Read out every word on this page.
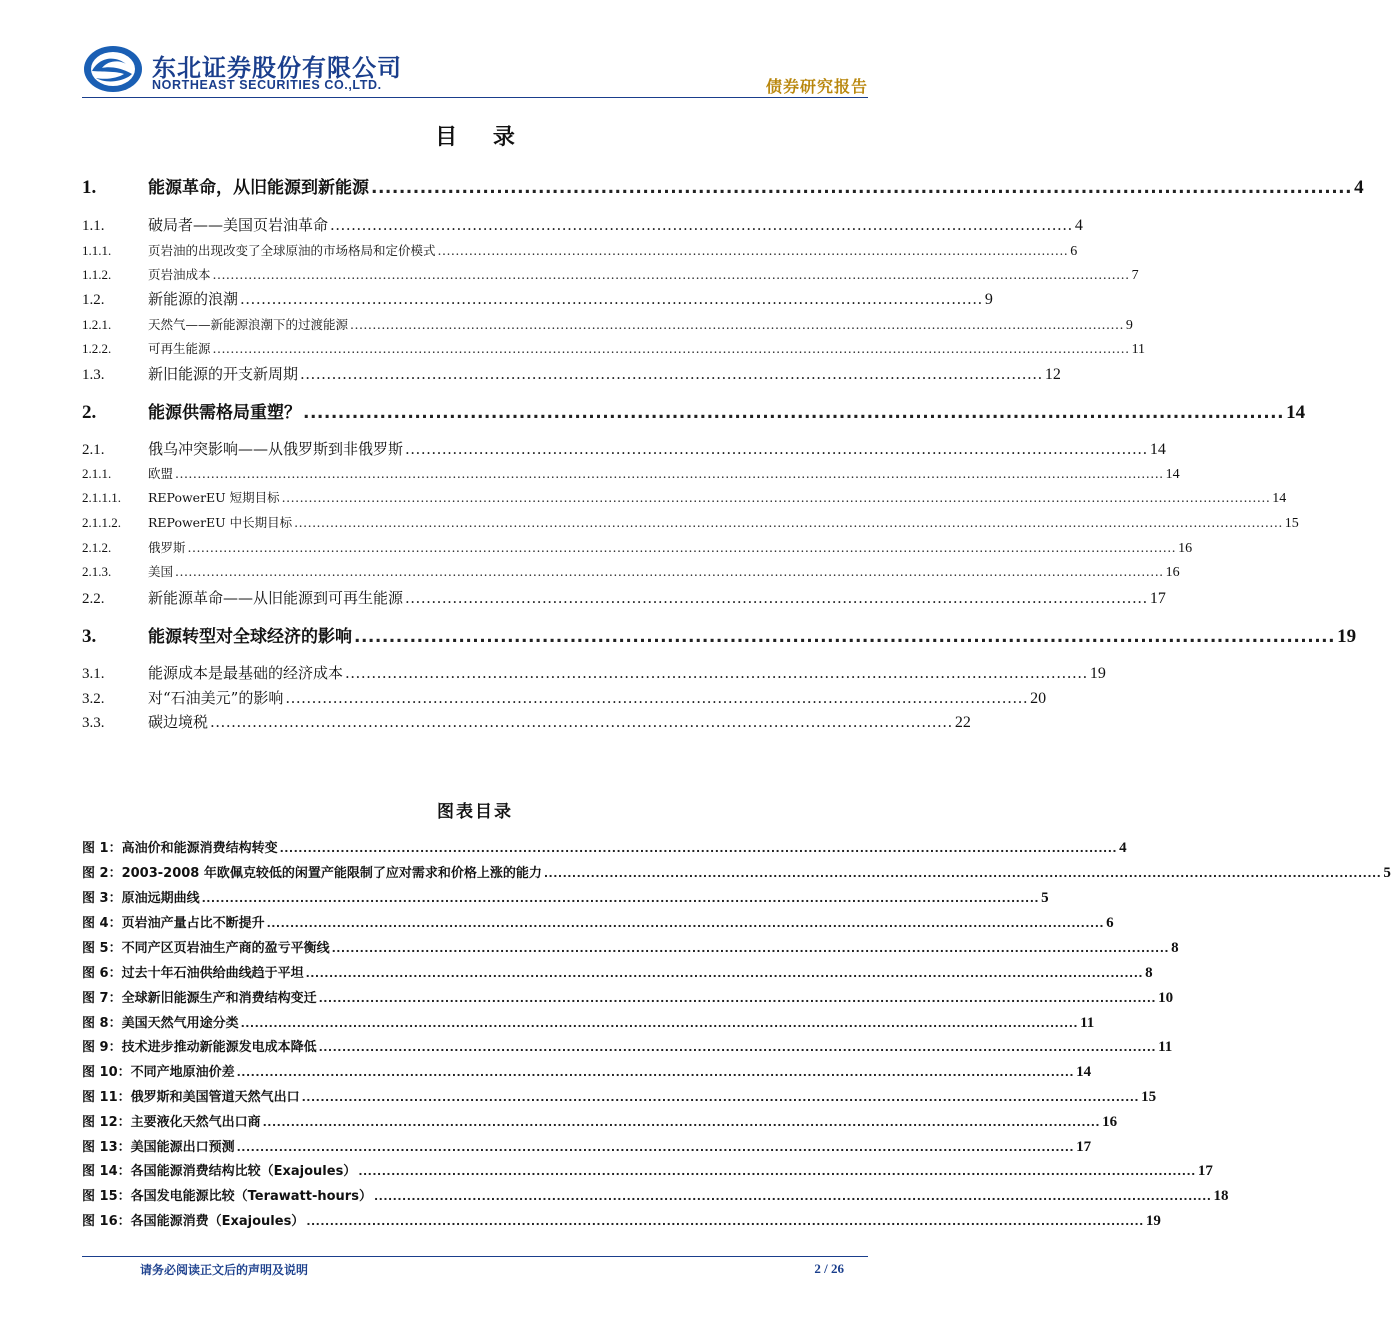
东北证券股份有限公司
NORTHEAST SECURITIES CO.,LTD.	债券研究报告
目 录
1.	能源革命，从旧能源到新能源 ............................................................................................................................................. 4
1.1.	破局者——美国页岩油革命 ............................................................................................................................................. 4
1.1.1.	页岩油的出现改变了全球原油的市场格局和定价模式 ............................................................................................................................................. 6
1.1.2.	页岩油成本 ............................................................................................................................................................................................................. 7
1.2.	新能源的浪潮 ............................................................................................................................................. 9
1.2.1.	天然气——新能源浪潮下的过渡能源 ............................................................................................................................................................................. 9
1.2.2.	可再生能源 ............................................................................................................................................................................................................. 11
1.3.	新旧能源的开支新周期 ............................................................................................................................................. 12
2.	能源供需格局重塑？ ............................................................................................................................................. 14
2.1.	俄乌冲突影响——从俄罗斯到非俄罗斯 ............................................................................................................................................. 14
2.1.1.	欧盟 ............................................................................................................................................................................................................................. 14
2.1.1.1.	REPowerEU 短期目标 ............................................................................................................................................................................................................................. 14
2.1.1.2.	REPowerEU 中长期目标 ............................................................................................................................................................................................................................. 15
2.1.2.	俄罗斯 ............................................................................................................................................................................................................................. 16
2.1.3.	美国 ............................................................................................................................................................................................................................. 16
2.2.	新能源革命——从旧能源到可再生能源 ............................................................................................................................................. 17
3.	能源转型对全球经济的影响 ............................................................................................................................................. 19
3.1.	能源成本是最基础的经济成本 ............................................................................................................................................. 19
3.2.	对“石油美元”的影响 ............................................................................................................................................. 20
3.3.	碳边境税 ............................................................................................................................................. 22
图表目录
图 1：高油价和能源消费结构转变 ................................................................................................................................................................................... 4
图 2：2003-2008 年欧佩克较低的闲置产能限制了应对需求和价格上涨的能力 ................................................................................................................................................................................... 5
图 3：原油远期曲线 ................................................................................................................................................................................... 5
图 4：页岩油产量占比不断提升 ................................................................................................................................................................................... 6
图 5：不同产区页岩油生产商的盈亏平衡线 ................................................................................................................................................................................... 8
图 6：过去十年石油供给曲线趋于平坦 ................................................................................................................................................................................... 8
图 7：全球新旧能源生产和消费结构变迁 ................................................................................................................................................................................... 10
图 8：美国天然气用途分类 ................................................................................................................................................................................... 11
图 9：技术进步推动新能源发电成本降低 ................................................................................................................................................................................... 11
图 10：不同产地原油价差 ................................................................................................................................................................................... 14
图 11：俄罗斯和美国管道天然气出口 ................................................................................................................................................................................... 15
图 12：主要液化天然气出口商 ................................................................................................................................................................................... 16
图 13：美国能源出口预测 ................................................................................................................................................................................... 17
图 14：各国能源消费结构比较（Exajoules） ................................................................................................................................................................................... 17
图 15：各国发电能源比较（Terawatt-hours） ................................................................................................................................................................................... 18
图 16：各国能源消费（Exajoules） ................................................................................................................................................................................... 19
请务必阅读正文后的声明及说明	2 / 26
